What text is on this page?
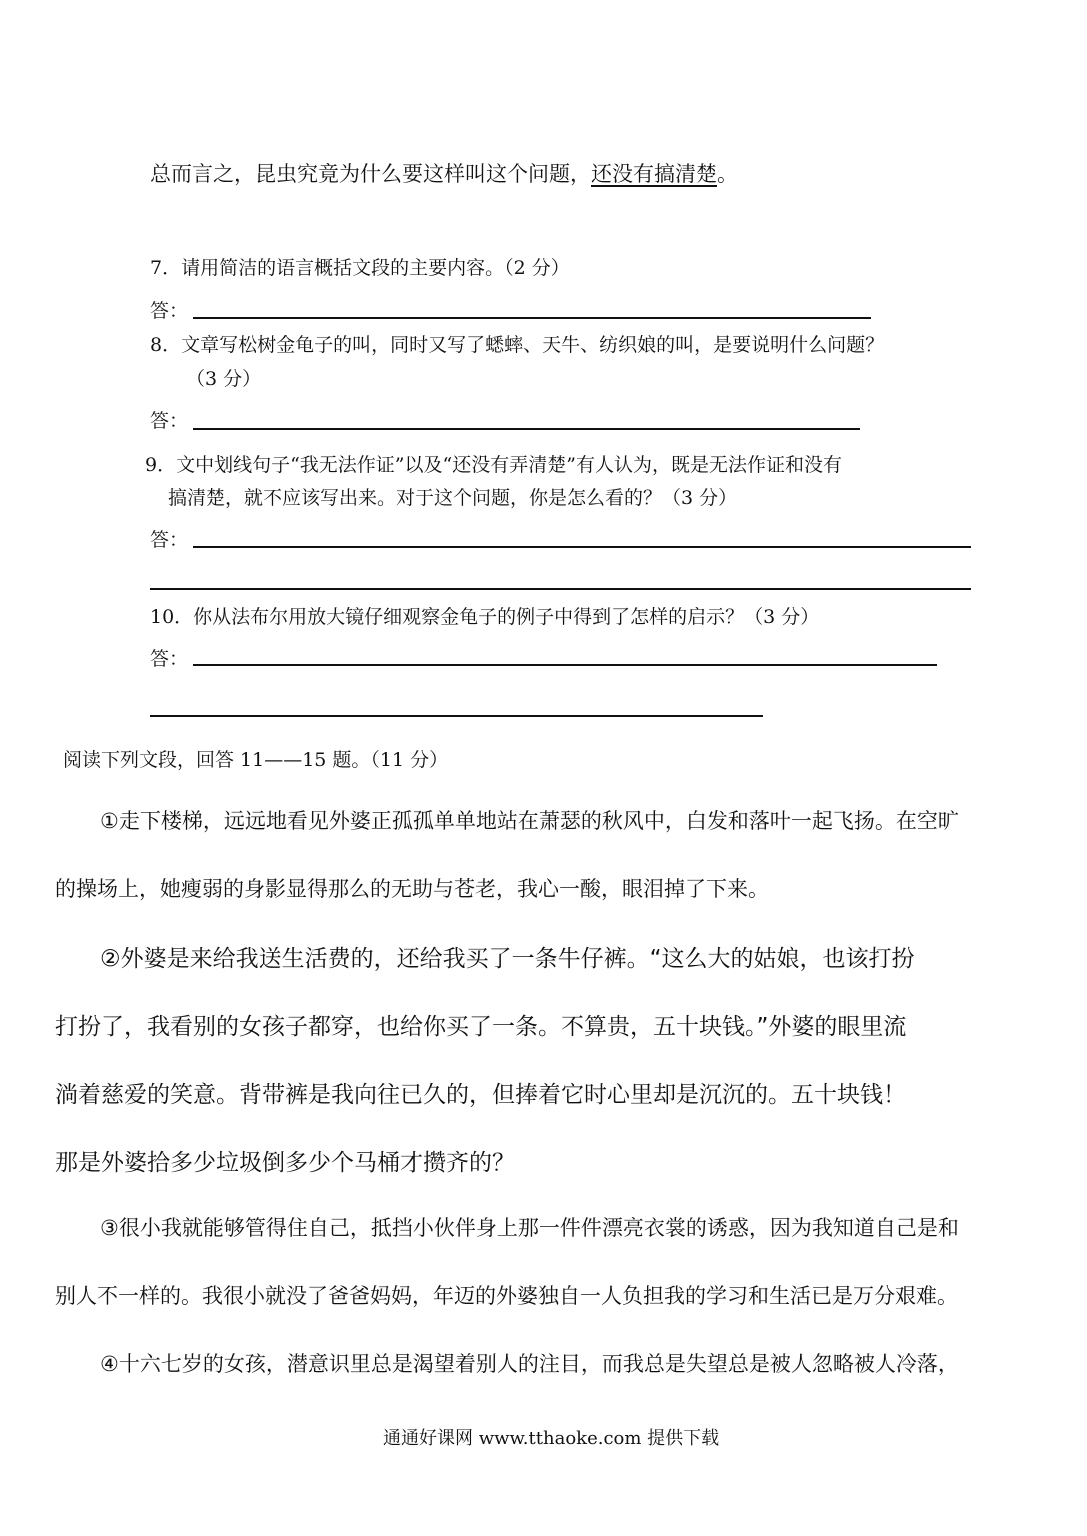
总而言之，昆虫究竟为什么要这样叫这个问题，还没有搞清楚。
7．请用简洁的语言概括文段的主要内容。（2 分）
答：
8．文章写松树金龟子的叫，同时又写了蟋蟀、天牛、纺织娘的叫，是要说明什么问题？
（3 分）
答：
9．文中划线句子“我无法作证”以及“还没有弄清楚”有人认为，既是无法作证和没有
搞清楚，就不应该写出来。对于这个问题，你是怎么看的？（3 分）
答：
10．你从法布尔用放大镜仔细观察金龟子的例子中得到了怎样的启示？（3 分）
答：
阅读下列文段，回答 11——15 题。（11 分）
①走下楼梯，远远地看见外婆正孤孤单单地站在萧瑟的秋风中，白发和落叶一起飞扬。在空旷
的操场上，她瘦弱的身影显得那么的无助与苍老，我心一酸，眼泪掉了下来。
②外婆是来给我送生活费的，还给我买了一条牛仔裤。“这么大的姑娘，也该打扮
打扮了，我看别的女孩子都穿，也给你买了一条。不算贵，五十块钱。”外婆的眼里流
淌着慈爱的笑意。背带裤是我向往已久的，但捧着它时心里却是沉沉的。五十块钱！
那是外婆拾多少垃圾倒多少个马桶才攒齐的？
③很小我就能够管得住自己，抵挡小伙伴身上那一件件漂亮衣裳的诱惑，因为我知道自己是和
别人不一样的。我很小就没了爸爸妈妈，年迈的外婆独自一人负担我的学习和生活已是万分艰难。
④十六七岁的女孩，潜意识里总是渴望着别人的注目，而我总是失望总是被人忽略被人冷落，
通通好课网 www.tthaoke.com 提供下载
